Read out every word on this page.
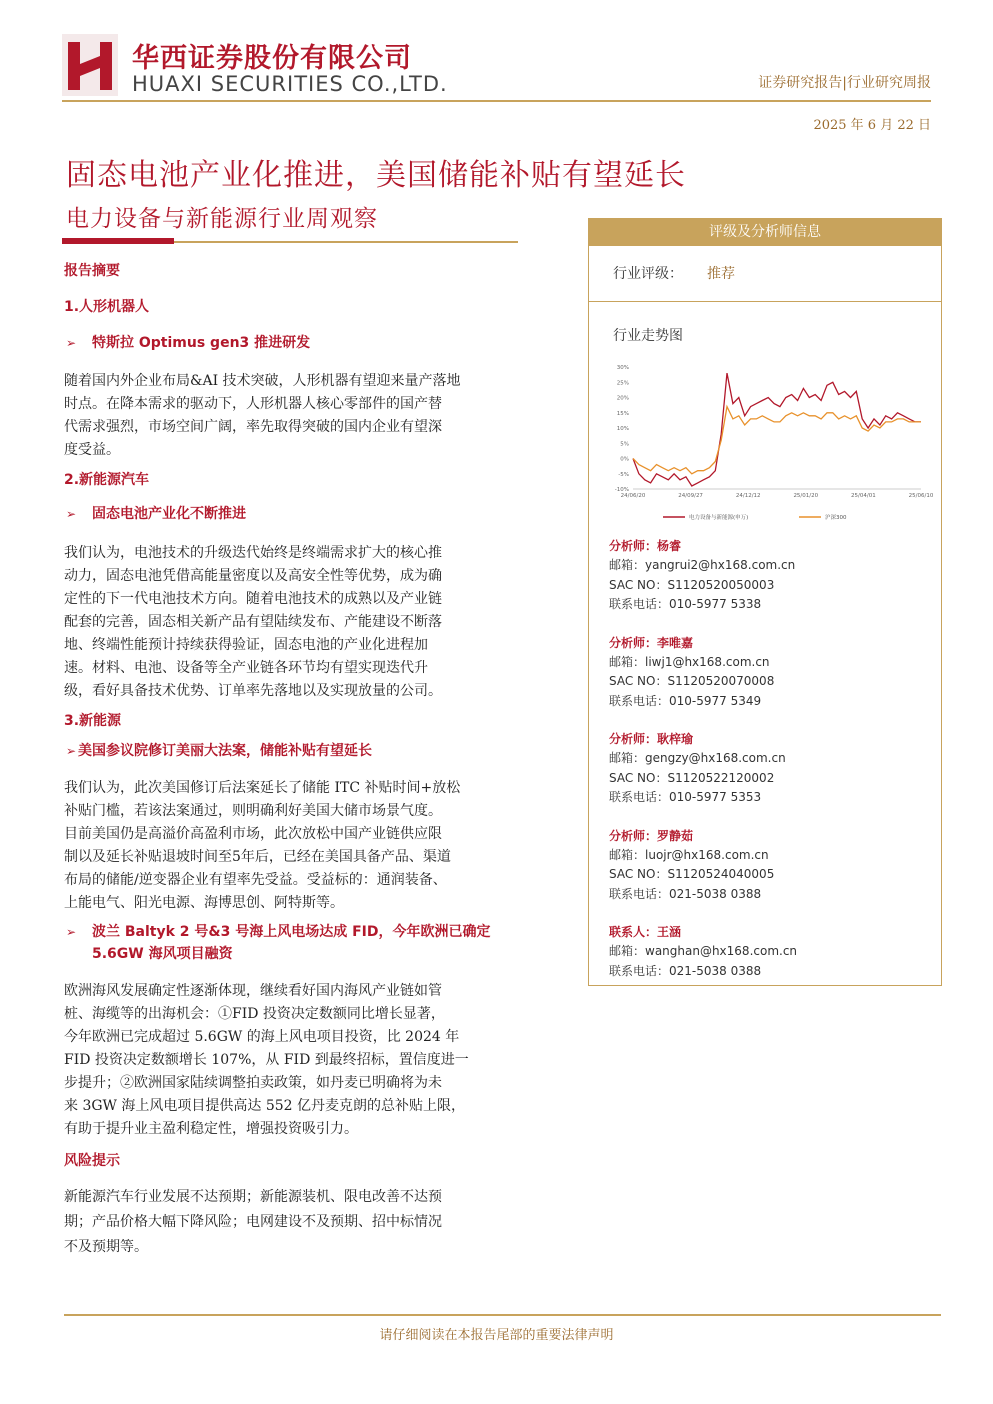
华西证券股份有限公司
HUAXI SECURITIES CO.,LTD.	证券研究报告|行业研究周报
2025 年 6 月 22 日
固态电池产业化推进，美国储能补贴有望延长
电力设备与新能源行业周观察
报告摘要
1.人形机器人
➢ 特斯拉 Optimus gen3 推进研发
随着国内外企业布局&AI 技术突破，人形机器有望迎来量产落地
时点。在降本需求的驱动下，人形机器人核心零部件的国产替
代需求强烈，市场空间广阔，率先取得突破的国内企业有望深
度受益。
2.新能源汽车
➢ 固态电池产业化不断推进
我们认为，电池技术的升级迭代始终是终端需求扩大的核心推
动力，固态电池凭借高能量密度以及高安全性等优势，成为确
定性的下一代电池技术方向。随着电池技术的成熟以及产业链
配套的完善，固态相关新产品有望陆续发布、产能建设不断落
地、终端性能预计持续获得验证，固态电池的产业化进程加
速。材料、电池、设备等全产业链各环节均有望实现迭代升
级，看好具备技术优势、订单率先落地以及实现放量的公司。
3.新能源
➢ 美国参议院修订美丽大法案，储能补贴有望延长
我们认为，此次美国修订后法案延长了储能 ITC 补贴时间+放松
补贴门槛，若该法案通过，则明确利好美国大储市场景气度。
目前美国仍是高溢价高盈利市场，此次放松中国产业链供应限
制以及延长补贴退坡时间至5年后，已经在美国具备产品、渠道
布局的储能/逆变器企业有望率先受益。受益标的：通润装备、
上能电气、阳光电源、海博思创、阿特斯等。
➢ 波兰 Baltyk 2 号&3 号海上风电场达成 FID，今年欧洲已确定
5.6GW 海风项目融资
欧洲海风发展确定性逐渐体现，继续看好国内海风产业链如管
桩、海缆等的出海机会：①FID 投资决定数额同比增长显著，
今年欧洲已完成超过 5.6GW 的海上风电项目投资，比 2024 年
FID 投资决定数额增长 107%，从 FID 到最终招标，置信度进一
步提升；②欧洲国家陆续调整拍卖政策，如丹麦已明确将为未
来 3GW 海上风电项目提供高达 552 亿丹麦克朗的总补贴上限，
有助于提升业主盈利稳定性，增强投资吸引力。
风险提示
新能源汽车行业发展不达预期；新能源装机、限电改善不达预
期；产品价格大幅下降风险；电网建设不及预期、招中标情况
不及预期等。
评级及分析师信息
行业评级： 推荐
行业走势图
30%
25%
20%
15%
10%
5%
0%
-5%
-10%
24/06/20	24/09/27	24/12/12	25/01/20	25/04/01	25/06/10
电力设备与新能源(申万)	沪深300
分析师：杨睿
邮箱：yangrui2@hx168.com.cn
SAC NO：S1120520050003
联系电话：010-5977 5338
分析师：李唯嘉
邮箱：liwj1@hx168.com.cn
SAC NO：S1120520070008
联系电话：010-5977 5349
分析师：耿梓瑜
邮箱：gengzy@hx168.com.cn
SAC NO：S1120522120002
联系电话：010-5977 5353
分析师：罗静茹
邮箱：luojr@hx168.com.cn
SAC NO：S1120524040005
联系电话：021-5038 0388
联系人：王涵
邮箱：wanghan@hx168.com.cn
联系电话：021-5038 0388
请仔细阅读在本报告尾部的重要法律声明
